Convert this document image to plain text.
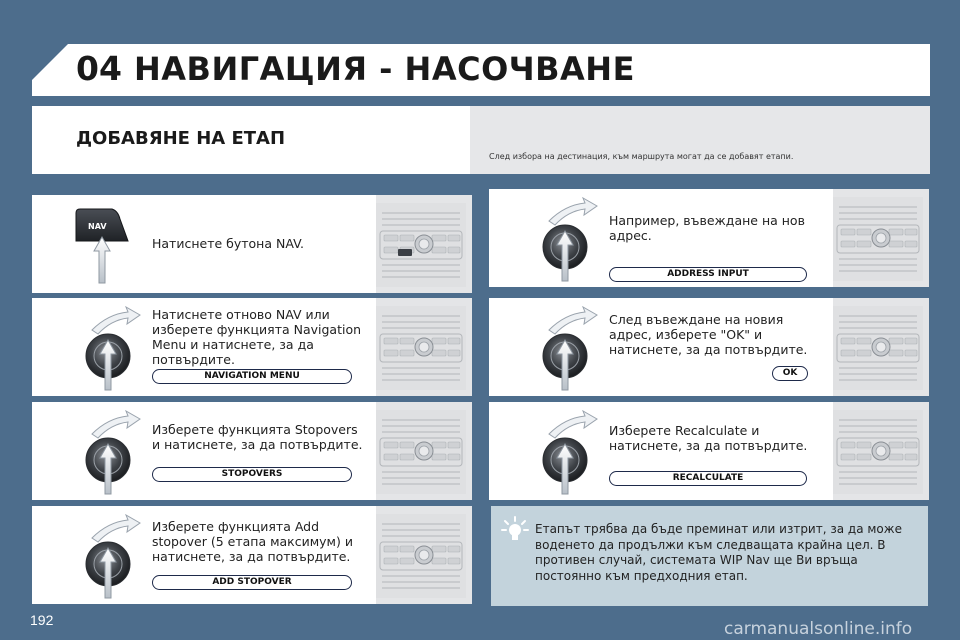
04 НАВИГАЦИЯ - НАСОЧВАНЕ
ДОБАВЯНЕ НА ЕТАП
След избора на дестинация, към маршрута могат да се добавят етапи.
NAV
Натиснете бутона NAV.
Натиснете отново NAV или изберете функцията Navigation Menu и натиснете, за да потвърдите.
NAVIGATION MENU
Изберете функцията Stopovers и натиснете, за да потвърдите.
STOPOVERS
Изберете функцията Add stopover (5 етапа максимум) и натиснете, за да потвърдите.
ADD STOPOVER
Например, въвеждане на нов адрес.
ADDRESS INPUT
След въвеждане на новия адрес, изберете "OK" и натиснете, за да потвърдите.
OK
Изберете Recalculate и натиснете, за да потвърдите.
RECALCULATE
Етапът трябва да бъде преминат или изтрит, за да може воденето да продължи към следващата крайна цел. В противен случай, системата WIP Nav ще Ви връща постоянно към предходния етап.
192	carmanualsonline.info
